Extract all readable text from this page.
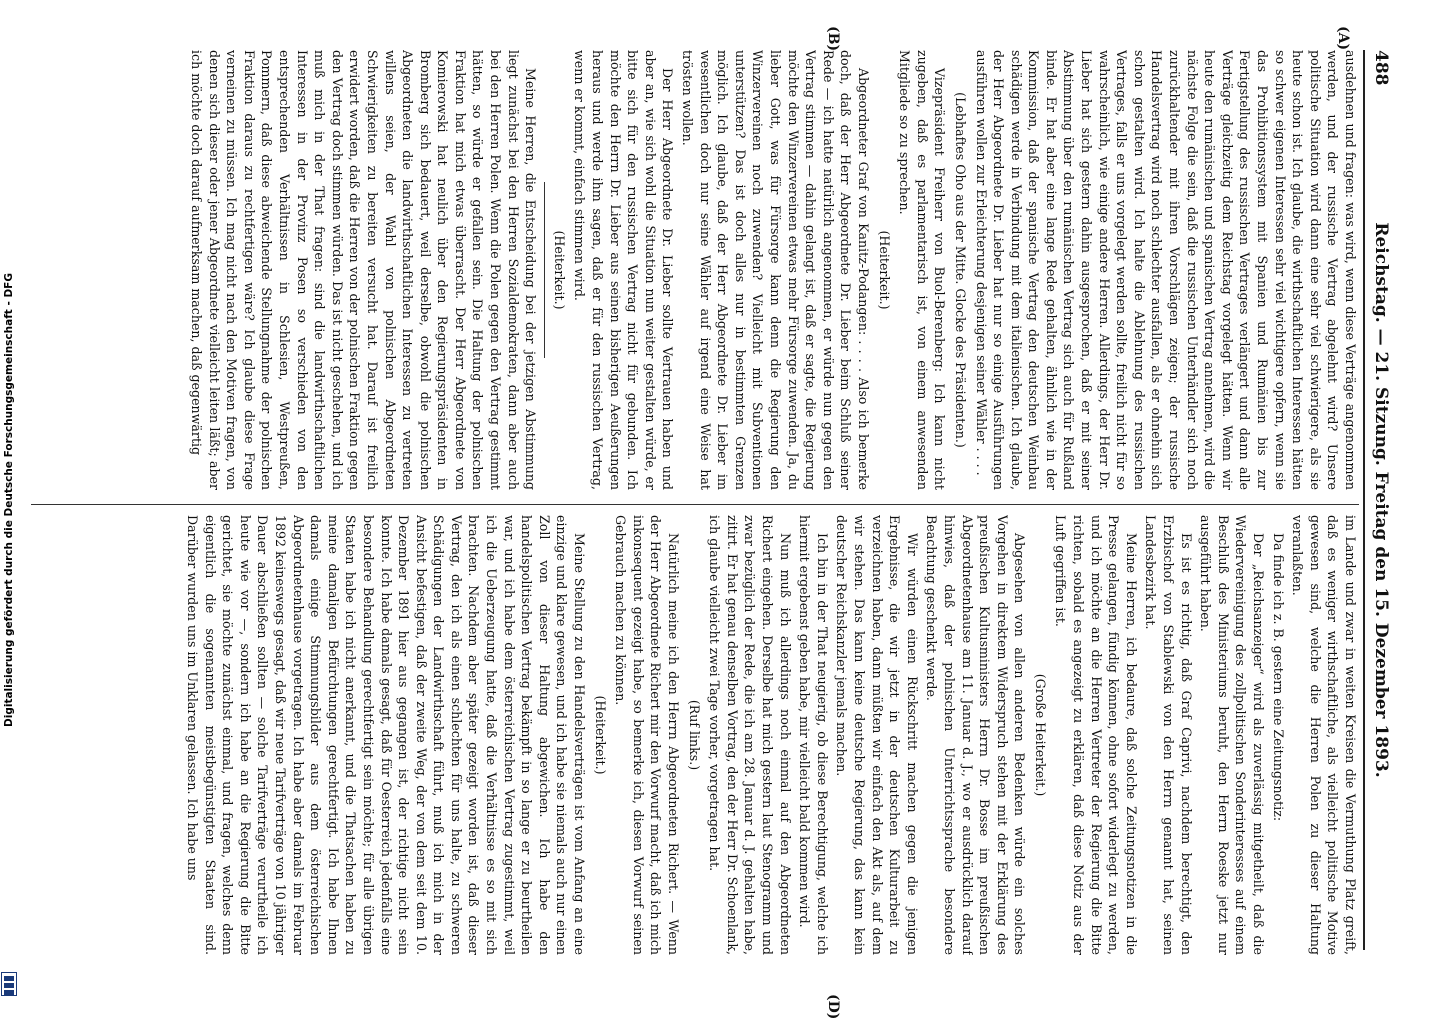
Digitalisierung gefördert durch die Deutsche Forschungsgemeinschaft - DFG
488
Reichstag. — 21. Sitzung. Freitag den 15. Dezember 1893.
(A)
(B)
(D)

ausdehnen und fragen: was wird, wenn diese Verträge angenommen werden, und der russische Vertrag abgelehnt wird? Unsere politische Situation wird dann eine sehr viel schwierigere, als sie heute schon ist. Ich glaube, die wirthschaftlichen Interessen hätten so schwer eigenen Interessen sehr viel wichtigere opfern, wenn sie das Prohibitionssystem mit Spanien und Rumänien bis zur Fertigstellung des russischen Vertrages verlängert und dann alle Verträge gleichzeitig dem Reichstag vorgelegt hätten. Wenn wir heute den rumänischen und spanischen Vertrag annehmen, wird die nächste Folge die sein, daß die russischen Unterhändler sich noch zurückhaltender mit ihren Vorschlägen zeigen; der russische Handelsvertrag wird noch schlechter ausfallen, als er ohnehin sich schon gestalten wird. Ich halte die Ablehnung des russischen Vertrages, falls er uns vorgelegt werden sollte, freilich nicht für so wahrscheinlich, wie einige andere Herren. Allerdings, der Herr Dr. Lieber hat sich gestern dahin ausgesprochen, daß er mit seiner Abstimmung über den rumänischen Vertrag sich auch für Rußland binde. Er hat aber eine lange Rede gehalten, ähnlich wie in der Kommission, daß der spanische Vertrag den deutschen Weinbau schädigen werde in Verbindung mit dem italienischen. Ich glaube, der Herr Abgeordnete Dr. Lieber hat nur so einige Ausführungen ausführen wollen zur Erleichterung desjenigen seiner Wähler . . . .

(Lebhaftes Oho aus der Mitte. Glocke des Präsidenten.)

Vizepräsident Freiherr von Buol-Berenberg: Ich kann nicht zugeben, daß es parlamentarisch ist, von einem anwesenden Mitgliede so zu sprechen.

(Heiterkeit.)

Abgeordneter Graf von Kanitz-Podangen: . . . . Also ich bemerke doch, daß der Herr Abgeordnete Dr. Lieber beim Schluß seiner Rede — ich hatte natürlich angenommen, er würde nun gegen den Vertrag stimmen — dahin gelangt ist, daß er sagte, die Regierung möchte den Winzervereinen etwas mehr Fürsorge zuwenden. Ja, du lieber Gott, was für Fürsorge kann denn die Regierung den Winzervereinen noch zuwenden? Vielleicht mit Subventionen unterstützen? Das ist doch alles nur in bestimmten Grenzen möglich. Ich glaube, daß der Herr Abgeordnete Dr. Lieber im wesentlichen doch nur seine Wähler auf irgend eine Weise hat trösten wollen.

Der Herr Abgeordnete Dr. Lieber sollte Vertrauen haben und aber an, wie sich wohl die Situation nun weiter gestalten würde, er bitte sich für den russischen Vertrag nicht für gebunden. Ich möchte den Herrn Dr. Lieber aus seinen bisherigen Aeußerungen heraus und werde ihm sagen, daß er für den russischen Vertrag, wenn er kommt, einfach stimmen wird.

(Heiterkeit.)

Meine Herren, die Entscheidung bei der jetzigen Abstimmung liegt zunächst bei den Herren Sozialdemokraten, dann aber auch bei den Herren Polen. Wenn die Polen gegen den Vertrag gestimmt hätten, so würde er gefallen sein. Die Haltung der polnischen Fraktion hat mich etwas überrascht. Der Herr Abgeordnete von Komierowski hat neulich über den Regierungspräsidenten in Bromberg sich bedauert, weil derselbe, obwohl die polnischen Abgeordneten die landwirthschaftlichen Interessen zu vertreten willens seien, der Wahl von polnischen Abgeordneten Schwierigkeiten zu bereiten versucht hat. Darauf ist freilich erwidert worden, daß die Herren von der polnischen Fraktion gegen den Vertrag doch stimmen würden. Das ist nicht geschehen, und ich muß mich in der That fragen: sind die landwirthschaftlichen Interessen in der Provinz Posen so verschieden von den entsprechenden Verhältnissen in Schlesien, Westpreußen, Pommern, daß diese abweichende Stellungnahme der polnischen Fraktion daraus zu rechtfertigen wäre? Ich glaube diese Frage verneinen zu müssen. Ich mag nicht nach den Motiven fragen, von denen sich dieser oder jener Abgeordnete vielleicht leiten läßt; aber ich möchte doch darauf aufmerksam machen, daß gegenwärtig

im Lande und zwar in weiten Kreisen die Vermuthung Platz greift, daß es weniger wirthschaftliche, als vielleicht politische Motive gewesen sind, welche die Herren Polen zu dieser Haltung veranlaßten.

Da finde ich z. B. gestern eine Zeitungsnotiz:

Der „Reichsanzeiger“ wird als zuverlässig mitgetheilt, daß die Wiedervereinigung des zollpolitischen Sonderinteresses auf einem Beschluß des Ministeriums beruht, den Herrn Roeske jetzt nur ausgeführt haben.

Es ist es richtig, daß Graf Caprivi, nachdem berechtigt, den Erzbischof von Stablewski von den Herrn genannt hat, seinen Landesbezirk hat.

Meine Herren, ich bedaure, daß solche Zeitungsnotizen in die Presse gelangen, fündig können, ohne sofort widerlegt zu werden, und ich möchte an die Herren Vertreter der Regierung die Bitte richten, sobald es angezeigt zu erklären, daß diese Notiz aus der Luft gegriffen ist.

(Große Heiterkeit.)

Abgesehen von allen anderen Bedenken würde ein solches Vorgehen in direktem Widerspruch stehen mit der Erklärung des preußischen Kultusministers Herrn Dr. Bosse im preußischen Abgeordnetenhause am 11. Januar d. J., wo er ausdrücklich darauf hinwies, daß der polnischen Unterrichtssprache besondere Beachtung geschenkt werde.

Wir würden einen Rückschritt machen gegen die jenigen Ergebnisse, die wir jetzt in der deutschen Kulturarbeit zu verzeichnen haben, dann müßten wir einfach den Akt als, auf dem wir stehen. Das kann keine deutsche Regierung, das kann kein deutscher Reichskanzler jemals machen.

Ich bin in der That neugierig, ob diese Berechtigung, welche ich hiermit ergebenst geben habe, mir vielleicht bald kommen wird.

Nun muß ich allerdings noch einmal auf den Abgeordneten Richert eingehen. Derselbe hat mich gestern laut Stenogramm und zwar bezüglich der Rede, die ich am 28. Januar d. J. gehalten habe, zitirt. Er hat genau denselben Vortrag, den der Herr Dr. Schoenlank, ich glaube vielleicht zwei Tage vorher, vorgetragen hat.

(Ruf links.)

Natürlich meine ich den Herrn Abgeordneten Richert. — Wenn der Herr Abgeordnete Richert mir den Vorwurf macht, daß ich mich inkonsequent gezeigt habe, so bemerke ich, diesen Vorwurf seinen Gebrauch machen zu können.

(Heiterkeit.)

Meine Stellung zu den Handelsverträgen ist vom Anfang an eine einzige und klare gewesen, und ich habe sie niemals auch nur einen Zoll von dieser Haltung abgewichen. Ich habe den handelspolitischen Vertrag bekämpft in so lange er zu beurtheilen war, und ich habe dem österreichischen Vertrag zugestimmt, weil ich die Ueberzeugung hatte, daß die Verhältnisse es so mit sich brachten. Nachdem aber später gezeigt worden ist, daß dieser Vertrag, den ich als einen schlechten für uns halte, zu schweren Schädigungen der Landwirthschaft führt, muß ich mich in der Ansicht befestigen, daß der zweite Weg, der von dem seit dem 10. Dezember 1891 hier aus gegangen ist, der richtige nicht sein konnte. Ich habe damals gesagt, daß für Oesterreich jedenfalls eine besondere Behandlung gerechtfertigt sein möchte; für alle übrigen Staaten habe ich nicht anerkannt, und die Thatsachen haben zu meine damaligen Befürchtungen gerechtfertigt. Ich habe Ihnen damals einige Stimmungsbilder aus dem österreichischen Abgeordnetenhause vorgetragen. Ich habe aber damals im Februar 1892 keineswegs gesagt, daß wir neue Tarifverträge von 10 jähriger Dauer abschließen sollten — solche Tarifverträge verurtheile ich heute wie vor —, sondern ich habe an die Regierung die Bitte gerichtet, sie möchte zunächst einmal, und fragen, welches denn eigentlich die sogenannten meistbegünstigten Staaten sind. Darüber wurden uns im Unklaren gelassen. Ich habe uns
